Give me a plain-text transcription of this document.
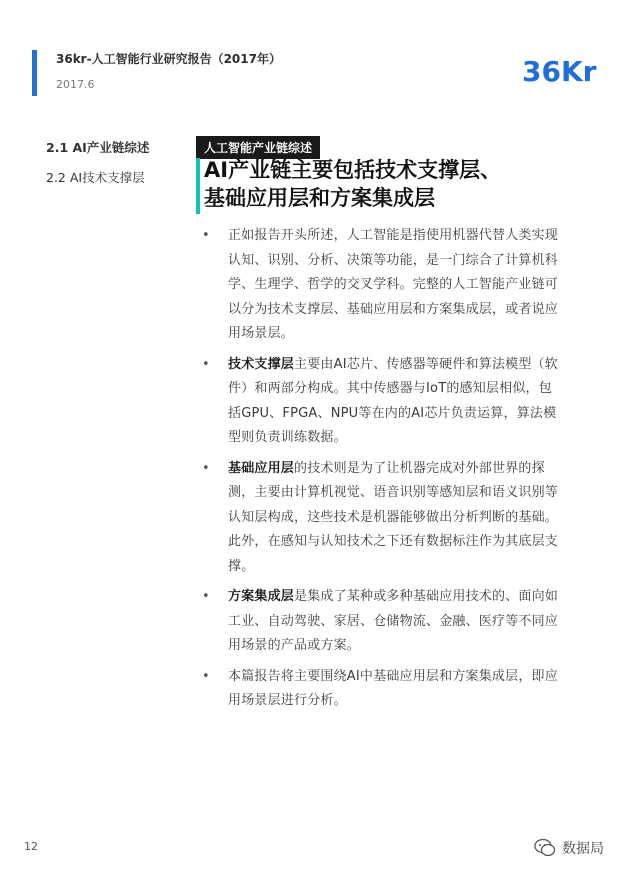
36kr-人工智能行业研究报告（2017年）
2017.6	36Kr
2.1 AI产业链综述
2.2 AI技术支撑层
人工智能产业链综述
AI产业链主要包括技术支撑层、
基础应用层和方案集成层
• 正如报告开头所述，人工智能是指使用机器代替人类实现认知、识别、分析、决策等功能，是一门综合了计算机科学、生理学、哲学的交叉学科。完整的人工智能产业链可以分为技术支撑层、基础应用层和方案集成层，或者说应用场景层。
• 技术支撑层主要由AI芯片、传感器等硬件和算法模型（软件）和两部分构成。其中传感器与IoT的感知层相似，包括GPU、FPGA、NPU等在内的AI芯片负责运算，算法模型则负责训练数据。
• 基础应用层的技术则是为了让机器完成对外部世界的探测，主要由计算机视觉、语音识别等感知层和语义识别等认知层构成，这些技术是机器能够做出分析判断的基础。此外，在感知与认知技术之下还有数据标注作为其底层支撑。
• 方案集成层是集成了某种或多种基础应用技术的、面向如工业、自动驾驶、家居、仓储物流、金融、医疗等不同应用场景的产品或方案。
• 本篇报告将主要围绕AI中基础应用层和方案集成层，即应用场景层进行分析。
12	数据局
